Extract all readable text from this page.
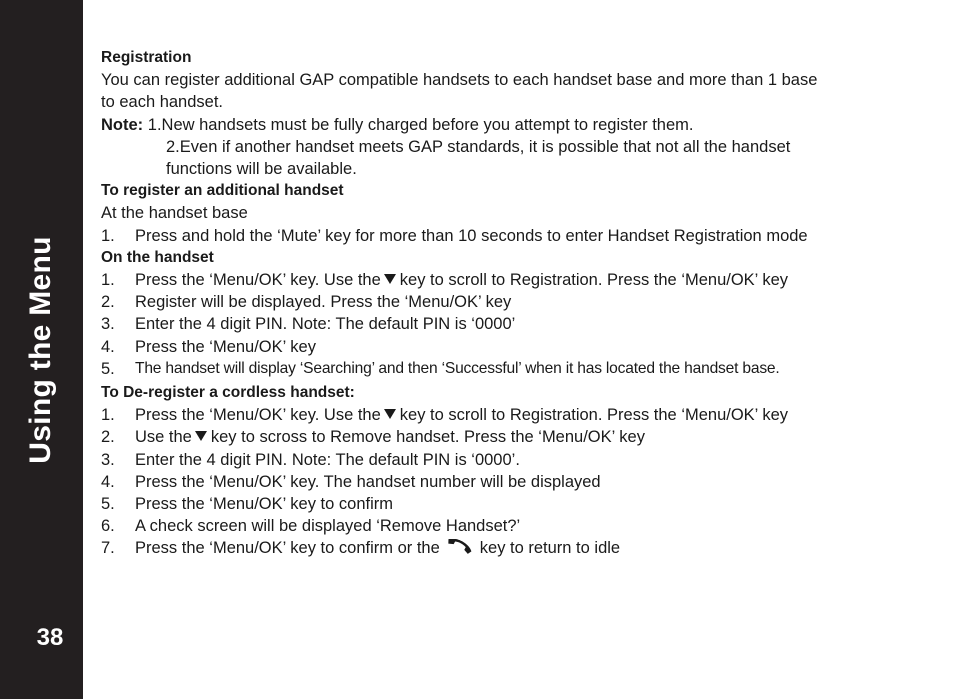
Using the Menu
38
Registration
You can register additional GAP compatible handsets to each handset base and more than 1 base
to each handset.
Note: 1.New handsets must be fully charged before you attempt to register them.
2.Even if another handset meets GAP standards, it is possible that not all the handset
functions will be available.
To register an additional handset
At the handset base
1.	Press and hold the ‘Mute’ key for more than 10 seconds to enter Handset Registration mode
On the handset
1.	Press the ‘Menu/OK’ key. Use the key to scroll to Registration. Press the ‘Menu/OK’ key
2.	Register will be displayed. Press the ‘Menu/OK’ key
3.	Enter the 4 digit PIN. Note: The default PIN is ‘0000’
4.	Press the ‘Menu/OK’ key
5.	The handset will display ‘Searching’ and then ‘Successful’ when it has located the handset base.
To De-register a cordless handset:
1.	Press the ‘Menu/OK’ key. Use the key to scroll to Registration. Press the ‘Menu/OK’ key
2.	Use the key to scross to Remove handset. Press the ‘Menu/OK’ key
3.	Enter the 4 digit PIN. Note: The default PIN is ‘0000’.
4.	Press the ‘Menu/OK’ key. The handset number will be displayed
5.	Press the ‘Menu/OK’ key to confirm
6.	A check screen will be displayed ‘Remove Handset?’
7.	Press the ‘Menu/OK’ key to confirm or the key to return to idle
